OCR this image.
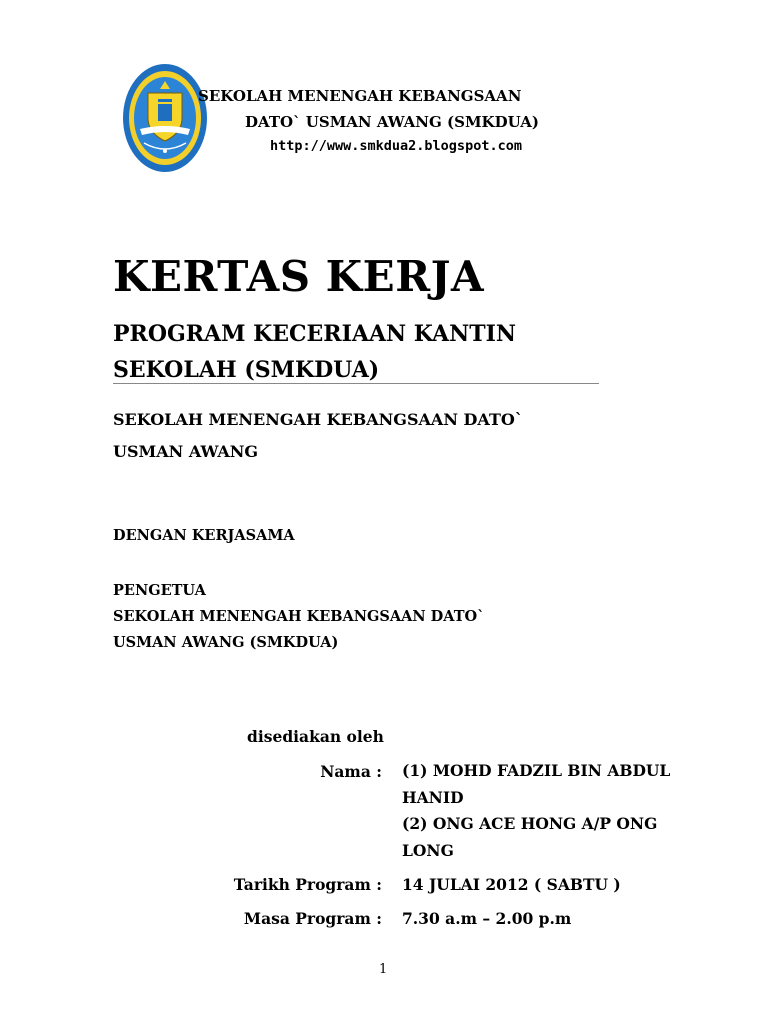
SEKOLAH MENENGAH KEBANGSAAN
DATO` USMAN AWANG (SMKDUA)
http://www.smkdua2.blogspot.com
KERTAS KERJA
PROGRAM KECERIAAN KANTIN
SEKOLAH (SMKDUA)
SEKOLAH MENENGAH KEBANGSAAN DATO`
USMAN AWANG
DENGAN KERJASAMA
PENGETUA
SEKOLAH MENENGAH KEBANGSAAN DATO`
USMAN AWANG (SMKDUA)
disediakan oleh
Nama : (1) MOHD FADZIL BIN ABDUL
HANID
(2) ONG ACE HONG A/P ONG
LONG
Tarikh Program : 14 JULAI 2012 ( SABTU )
Masa Program : 7.30 a.m – 2.00 p.m
1
